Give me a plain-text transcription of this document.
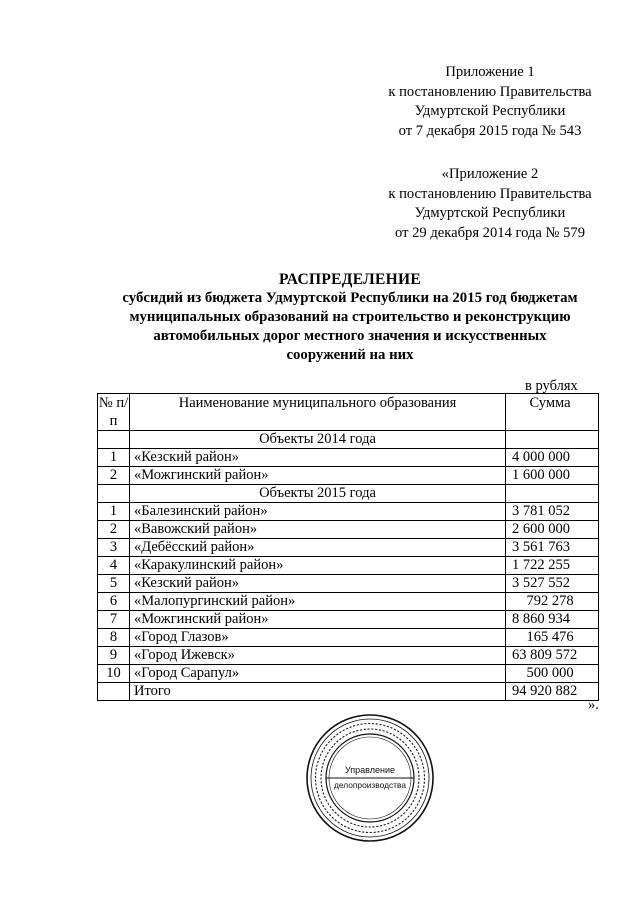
Приложение 1
к постановлению Правительства
Удмуртской Республики
от 7 декабря 2015 года № 543
«Приложение 2
к постановлению Правительства
Удмуртской Республики
от 29 декабря 2014 года № 579
РАСПРЕДЕЛЕНИЕ
субсидий из бюджета Удмуртской Республики на 2015 год бюджетам
муниципальных образований на строительство и реконструкцию
автомобильных дорог местного значения и искусственных
сооружений на них
в рублях
№ п/п	Наименование муниципального образования	Сумма
	Объекты 2014 года	
1	«Кезский район»	4 000 000
2	«Можгинский район»	1 600 000
	Объекты 2015 года	
1	«Балезинский район»	3 781 052
2	«Вавожский район»	2 600 000
3	«Дебёсский район»	3 561 763
4	«Каракулинский район»	1 722 255
5	«Кезский район»	3 527 552
6	«Малопургинский район»	792 278
7	«Можгинский район»	8 860 934
8	«Город Глазов»	165 476
9	«Город Ижевск»	63 809 572
10	«Город Сарапул»	500 000
	Итого	94 920 882
».
Управление
делопроизводства
